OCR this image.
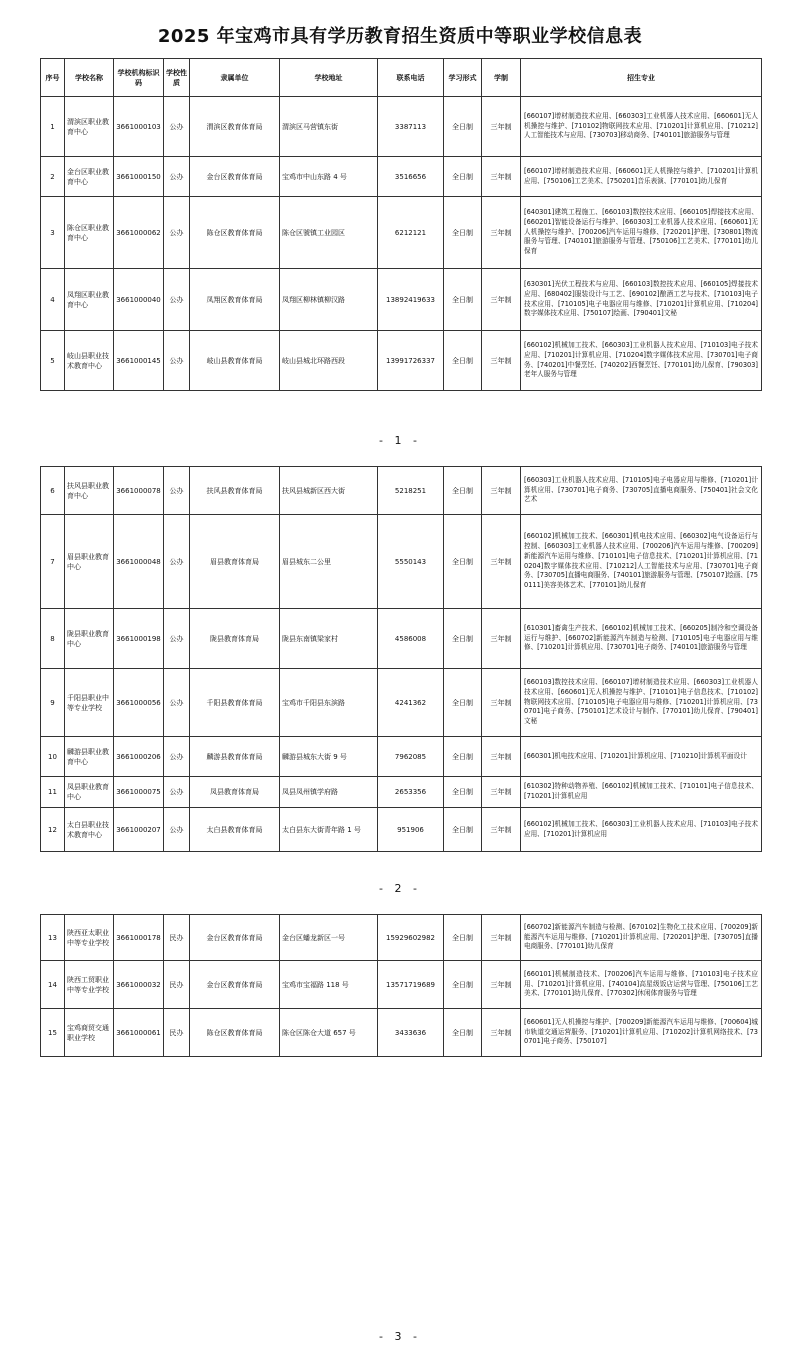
2025 年宝鸡市具有学历教育招生资质中等职业学校信息表
序号	学校名称	学校机构标识码	学校性质	隶属单位	学校地址	联系电话	学习形式	学制	招生专业
1	渭滨区职业教育中心	3661000103	公办	渭滨区教育体育局	渭滨区马营镇东街	3387113	全日制	三年制	[660107]增材制造技术应用、[660303]工业机器人技术应用、[660601]无人机操控与维护、[710102]物联网技术应用、[710201]计算机应用、[710212]人工智能技术与应用、[730703]移动商务、[740101]旅游服务与管理
2	金台区职业教育中心	3661000150	公办	金台区教育体育局	宝鸡市中山东路 4 号	3516656	全日制	三年制	[660107]增材制造技术应用、[660601]无人机操控与维护、[710201]计算机应用、[750106]工艺美术、[750201]音乐表演、[770101]幼儿保育
3	陈仓区职业教育中心	3661000062	公办	陈仓区教育体育局	陈仓区虢镇工业园区	6212121	全日制	三年制	[640301]建筑工程施工、[660103]数控技术应用、[660105]焊接技术应用、[660201]智能设备运行与维护、[660303]工业机器人技术应用、[660601]无人机操控与维护、[700206]汽车运用与维修、[720201]护理、[730801]物流服务与管理、[740101]旅游服务与管理、[750106]工艺美术、[770101]幼儿保育
4	凤翔区职业教育中心	3661000040	公办	凤翔区教育体育局	凤翔区柳林镇柳汉路	13892419633	全日制	三年制	[630301]光伏工程技术与应用、[660103]数控技术应用、[660105]焊接技术应用、[680402]服装设计与工艺、[690102]酿酒工艺与技术、[710103]电子技术应用、[710105]电子电器应用与维修、[710201]计算机应用、[710204]数字媒体技术应用、[750107]绘画、[790401]文秘
5	岐山县职业技术教育中心	3661000145	公办	岐山县教育体育局	岐山县城北环路西段	13991726337	全日制	三年制	[660102]机械加工技术、[660303]工业机器人技术应用、[710103]电子技术应用、[710201]计算机应用、[710204]数字媒体技术应用、[730701]电子商务、[740201]中餐烹饪、[740202]西餐烹饪、[770101]幼儿保育、[790303]老年人服务与管理
- 1 -
6	扶风县职业教育中心	3661000078	公办	扶风县教育体育局	扶风县城新区西大街	5218251	全日制	三年制	[660303]工业机器人技术应用、[710105]电子电器应用与维修、[710201]计算机应用、[730701]电子商务、[730705]直播电商服务、[750401]社会文化艺术
7	眉县职业教育中心	3661000048	公办	眉县教育体育局	眉县城东二公里	5550143	全日制	三年制	[660102]机械加工技术、[660301]机电技术应用、[660302]电气设备运行与控制、[660303]工业机器人技术应用、[700206]汽车运用与维修、[700209]新能源汽车运用与维修、[710101]电子信息技术、[710201]计算机应用、[710204]数字媒体技术应用、[710212]人工智能技术与应用、[730701]电子商务、[730705]直播电商服务、[740101]旅游服务与管理、[750107]绘画、[750111]美容美体艺术、[770101]幼儿保育
8	陇县职业教育中心	3661000198	公办	陇县教育体育局	陇县东南镇梁家村	4586008	全日制	三年制	[610301]畜禽生产技术、[660102]机械加工技术、[660205]制冷和空调设备运行与维护、[660702]新能源汽车制造与检测、[710105]电子电器应用与维修、[710201]计算机应用、[730701]电子商务、[740101]旅游服务与管理
9	千阳县职业中等专业学校	3661000056	公办	千阳县教育体育局	宝鸡市千阳县东滨路	4241362	全日制	三年制	[660103]数控技术应用、[660107]增材制造技术应用、[660303]工业机器人技术应用、[660601]无人机操控与维护、[710101]电子信息技术、[710102]物联网技术应用、[710105]电子电器应用与维修、[710201]计算机应用、[730701]电子商务、[750101]艺术设计与制作、[770101]幼儿保育、[790401]文秘
10	麟游县职业教育中心	3661000206	公办	麟游县教育体育局	麟游县城东大街 9 号	7962085	全日制	三年制	[660301]机电技术应用、[710201]计算机应用、[710210]计算机平面设计
11	凤县职业教育中心	3661000075	公办	凤县教育体育局	凤县凤州镇学府路	2653356	全日制	三年制	[610302]特种动物养殖、[660102]机械加工技术、[710101]电子信息技术、[710201]计算机应用
12	太白县职业技术教育中心	3661000207	公办	太白县教育体育局	太白县东大街青年路 1 号	951906	全日制	三年制	[660102]机械加工技术、[660303]工业机器人技术应用、[710103]电子技术应用、[710201]计算机应用
- 2 -
13	陕西亚太职业中等专业学校	3661000178	民办	金台区教育体育局	金台区蟠龙新区一号	15929602982	全日制	三年制	[660702]新能源汽车制造与检测、[670102]生物化工技术应用、[700209]新能源汽车运用与维修、[710201]计算机应用、[720201]护理、[730705]直播电商服务、[770101]幼儿保育
14	陕西工贸职业中等专业学校	3661000032	民办	金台区教育体育局	宝鸡市宝福路 118 号	13571719689	全日制	三年制	[660101]机械制造技术、[700206]汽车运用与维修、[710103]电子技术应用、[710201]计算机应用、[740104]高星级饭店运营与管理、[750106]工艺美术、[770101]幼儿保育、[770302]休闲体育服务与管理
15	宝鸡商贸交通职业学校	3661000061	民办	陈仓区教育体育局	陈仓区陈仓大道 657 号	3433636	全日制	三年制	[660601]无人机操控与维护、[700209]新能源汽车运用与维修、[700604]城市轨道交通运营服务、[710201]计算机应用、[710202]计算机网络技术、[730701]电子商务、[750107]
- 3 -
